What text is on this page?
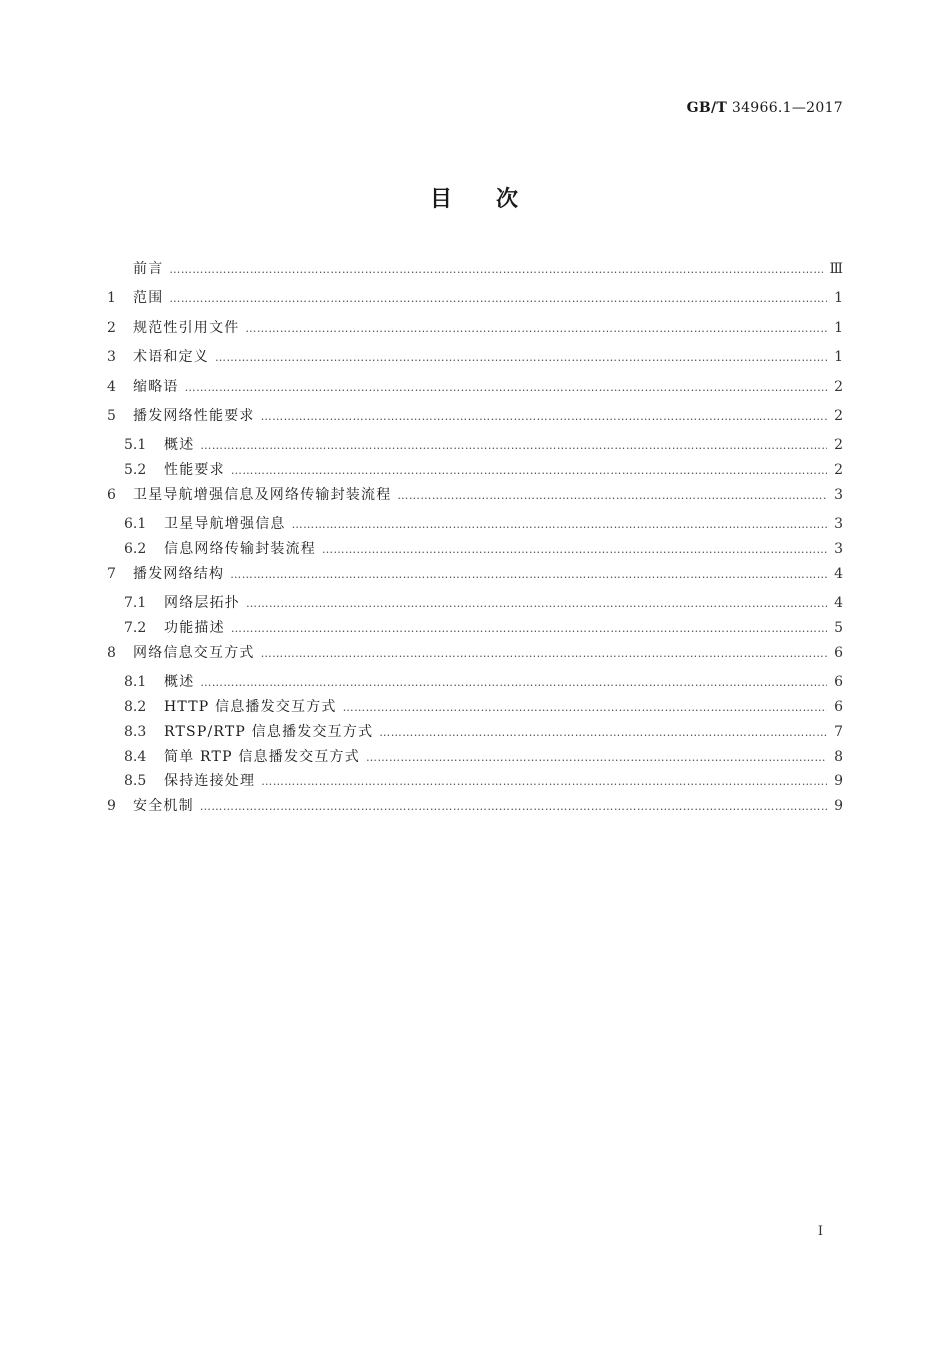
GB/T 34966.1—2017
目 次
前言 ………………………………………………………………………………………………………………………………………………………………………………………………………………	Ⅲ
1	范围 ………………………………………………………………………………………………………………………………………………………………………………………………………………	1
2	规范性引用文件 ………………………………………………………………………………………………………………………………………………………………………………………………………………	1
3	术语和定义 ………………………………………………………………………………………………………………………………………………………………………………………………………………	1
4	缩略语 ………………………………………………………………………………………………………………………………………………………………………………………………………………	2
5	播发网络性能要求 ………………………………………………………………………………………………………………………………………………………………………………………………………………	2
5.1	概述 ………………………………………………………………………………………………………………………………………………………………………………………………………………	2
5.2	性能要求 ………………………………………………………………………………………………………………………………………………………………………………………………………………	2
6	卫星导航增强信息及网络传输封装流程 ………………………………………………………………………………………………………………………………………………………………………………………………………………	3
6.1	卫星导航增强信息 ………………………………………………………………………………………………………………………………………………………………………………………………………………	3
6.2	信息网络传输封装流程 ………………………………………………………………………………………………………………………………………………………………………………………………………………	3
7	播发网络结构 ………………………………………………………………………………………………………………………………………………………………………………………………………………	4
7.1	网络层拓扑 ………………………………………………………………………………………………………………………………………………………………………………………………………………	4
7.2	功能描述 ………………………………………………………………………………………………………………………………………………………………………………………………………………	5
8	网络信息交互方式 ………………………………………………………………………………………………………………………………………………………………………………………………………………	6
8.1	概述 ………………………………………………………………………………………………………………………………………………………………………………………………………………	6
8.2	HTTP 信息播发交互方式 ………………………………………………………………………………………………………………………………………………………………………………………………………………	6
8.3	RTSP/RTP 信息播发交互方式 ………………………………………………………………………………………………………………………………………………………………………………………………………………	7
8.4	简单 RTP 信息播发交互方式 ………………………………………………………………………………………………………………………………………………………………………………………………………………	8
8.5	保持连接处理 ………………………………………………………………………………………………………………………………………………………………………………………………………………	9
9	安全机制 ………………………………………………………………………………………………………………………………………………………………………………………………………………	9
I
